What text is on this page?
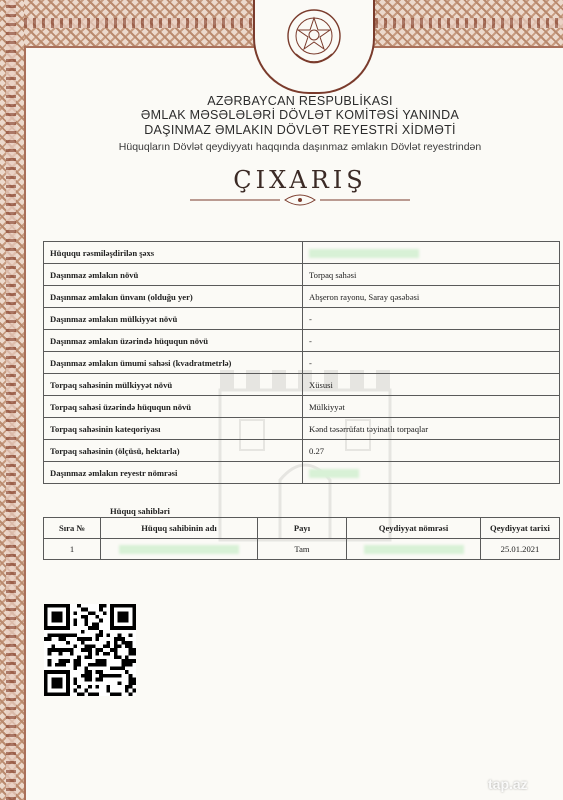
AZƏRBAYCAN RESPUBLİKASI
ƏMLAK MƏSƏLƏLƏRİ DÖVLƏT KOMİTƏSİ YANINDA
DAŞINMAZ ƏMLAKIN DÖVLƏT REYESTRİ XİDMƏTİ
Hüquqların Dövlət qeydiyyatı haqqında daşınmaz əmlakın Dövlət reyestrindən
ÇIXARIŞ
Hüququ rəsmiləşdirilən şəxs	
Daşınmaz əmlakın növü	Torpaq sahəsi
Daşınmaz əmlakın ünvanı (olduğu yer)	Abşeron rayonu, Saray qəsəbəsi
Daşınmaz əmlakın mülkiyyət növü	-
Daşınmaz əmlakın üzərində hüququn növü	-
Daşınmaz əmlakın ümumi sahəsi (kvadratmetrlə)	-
Torpaq sahəsinin mülkiyyət növü	Xüsusi
Torpaq sahəsi üzərində hüququn növü	Mülkiyyət
Torpaq sahəsinin kateqoriyası	Kənd təsərrüfatı təyinatlı torpaqlar
Torpaq sahəsinin (ölçüsü, hektarla)	0.27
Daşınmaz əmlakın reyestr nömrəsi	
Hüquq sahibləri
Sıra №	Hüquq sahibinin adı	Payı	Qeydiyyat nömrəsi	Qeydiyyat tarixi
1		Tam		25.01.2021
tap.az
